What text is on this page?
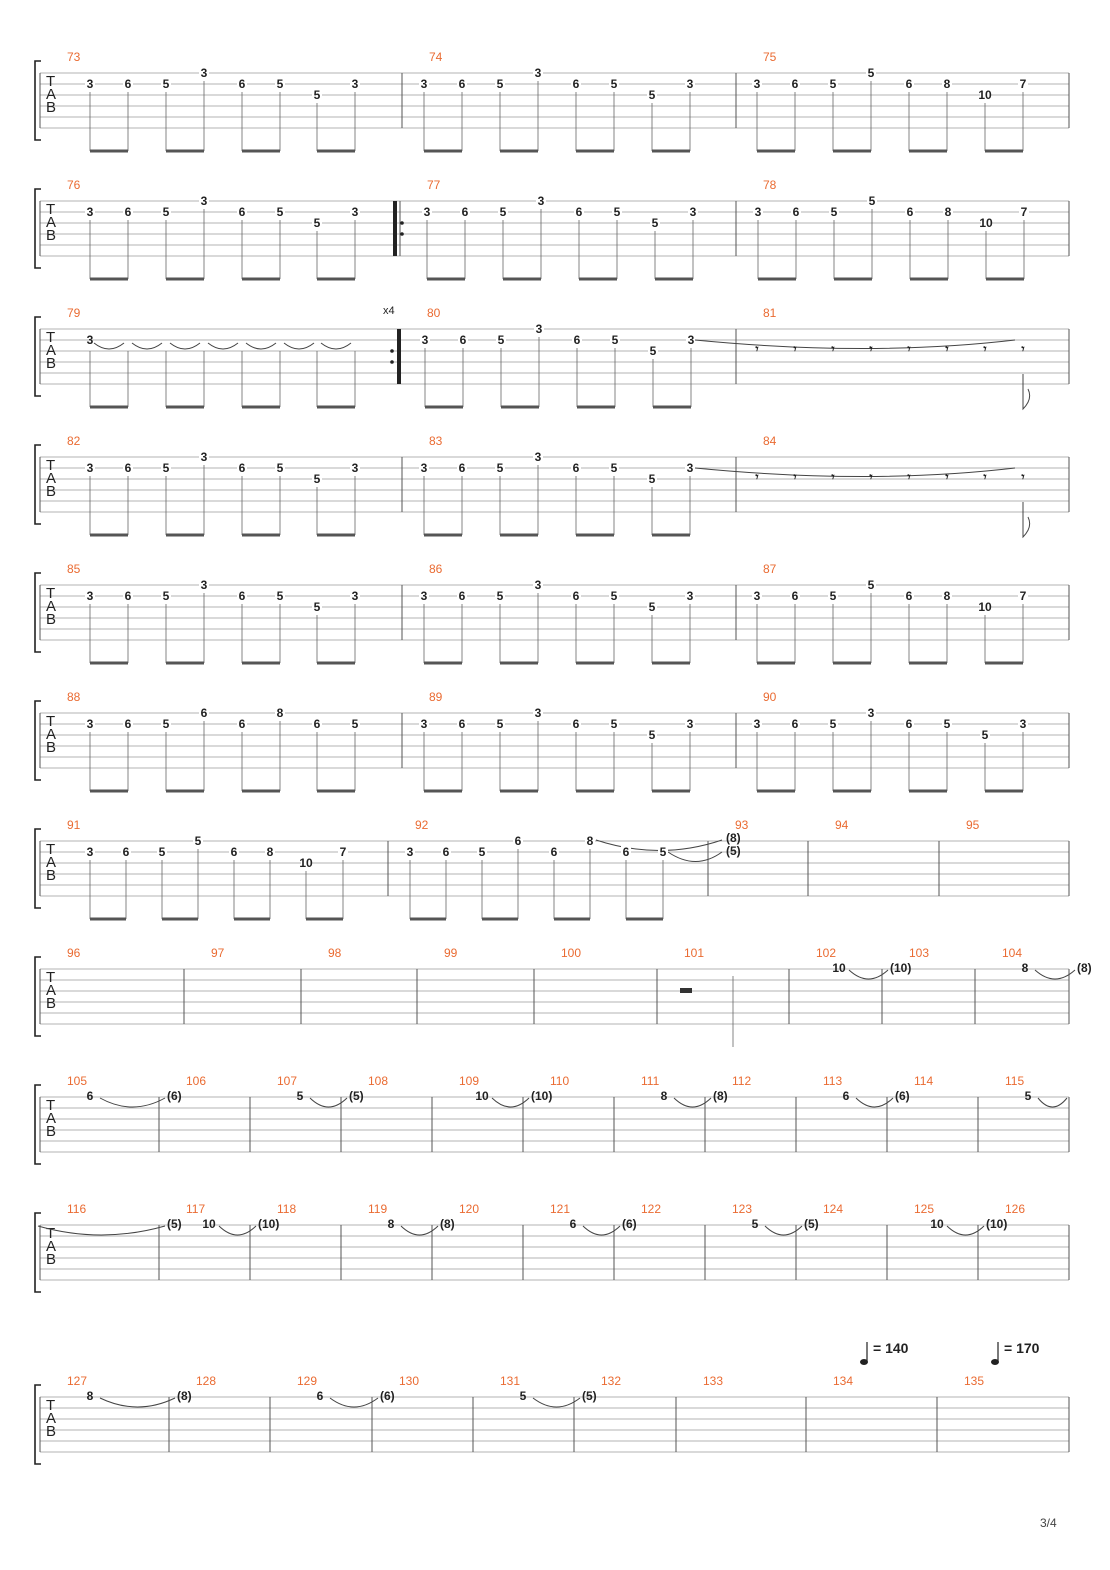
T
A
B
73
3	6	5
3
6	5
5
3
74
3	6	5
3
6	5
5
3
75
3	6	5
5
6	8
10
7
T
A
B
76
3	6	5
3
6	5
5
3
77
3	6	5
3
6	5
5
3
78
3	6	5
5
6	8
10
7
T
A
B
79
3
80
3	6	5
3
6	5
5
3
81
𝄾	𝄾	𝄾	𝄾	𝄾	𝄾	𝄾	𝄾
x4
T
A
B
82
3	6	5
3
6	5
5
3
83
3	6	5
3
6	5
5
3
84
𝄾	𝄾	𝄾	𝄾	𝄾	𝄾	𝄾	𝄾
T
A
B
85
3	6	5
3
6	5
5
3
86
3	6	5
3
6	5
5
3
87
3	6	5
5
6	8
10
7
T
A
B
88
3	6	5
6
6
8
6	5
89
3	6	5
3
6	5
5
3
90
3	6	5
3
6	5
5
3
T
A
B
91	92	93	94	95
(8)
(5)
T
A
B
96	97	98	99	100	101	102	103	104
10	(10)	8	(8)
T
A
B
105	106	107	108	109	110	111	112	113	114	115
6	(6)	5	(5)	10	(10)	8	(8)	6	(6)	5
T
A
B
116	117	118	119	120	121	122	123	124	125	126
(5) 10	(10)	8	(8)	6	(6)	5	(5)	10	(10)
T
A
B
127	128	129	130	131	132	133	134	135
8	(8)	6	(6)	5	(5)
= 140	= 170
3 6 5
5
6 8
10
7	3 6 5
6
6
8
6	5
3/4
